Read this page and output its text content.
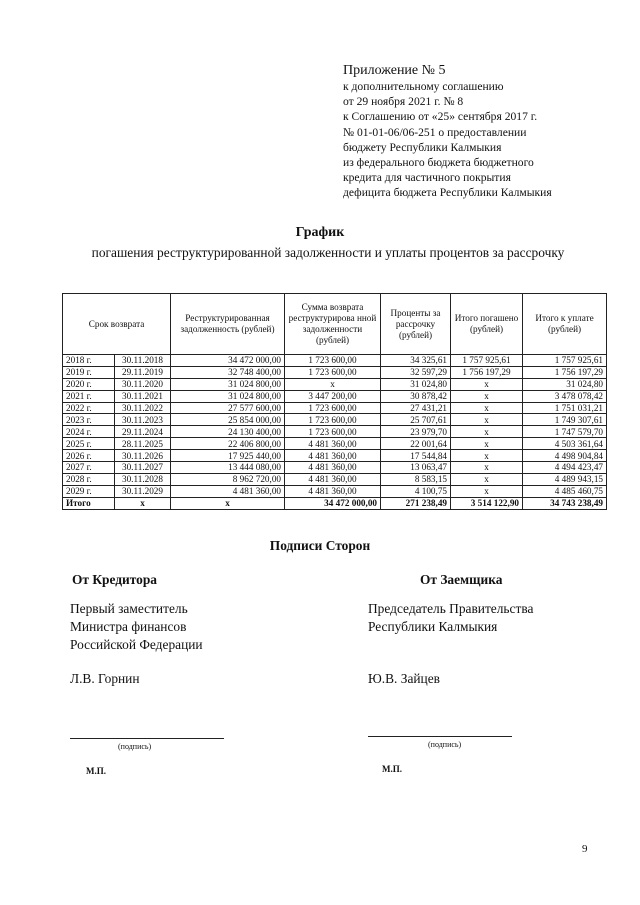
Приложение № 5
к дополнительному соглашению
от 29 ноября 2021 г. № 8
к Соглашению от «25» сентября 2017 г.
№ 01-01-06/06-251 о предоставлении
бюджету Республики Калмыкия
из федерального бюджета бюджетного
кредита для частичного покрытия
дефицита бюджета Республики Калмыкия
График
погашения реструктурированной задолженности и уплаты процентов за рассрочку
Срок возврата		Реструктурированная задолженность (рублей)	Сумма возврата реструктурирова нной задолженности (рублей)	Проценты за рассрочку (рублей)	Итого погашено (рублей)	Итого к уплате (рублей)
2018 г.	30.11.2018	34 472 000,00	1 723 600,00	34 325,61	1 757 925,61	1 757 925,61
2019 г.	29.11.2019	32 748 400,00	1 723 600,00	32 597,29	1 756 197,29	1 756 197,29
2020 г.	30.11.2020	31 024 800,00	x	31 024,80	x	31 024,80
2021 г.	30.11.2021	31 024 800,00	3 447 200,00	30 878,42	x	3 478 078,42
2022 г.	30.11.2022	27 577 600,00	1 723 600,00	27 431,21	x	1 751 031,21
2023 г.	30.11.2023	25 854 000,00	1 723 600,00	25 707,61	x	1 749 307,61
2024 г.	29.11.2024	24 130 400,00	1 723 600,00	23 979,70	x	1 747 579,70
2025 г.	28.11.2025	22 406 800,00	4 481 360,00	22 001,64	x	4 503 361,64
2026 г.	30.11.2026	17 925 440,00	4 481 360,00	17 544,84	x	4 498 904,84
2027 г.	30.11.2027	13 444 080,00	4 481 360,00	13 063,47	x	4 494 423,47
2028 г.	30.11.2028	8 962 720,00	4 481 360,00	8 583,15	x	4 489 943,15
2029 г.	30.11.2029	4 481 360,00	4 481 360,00	4 100,75	x	4 485 460,75
Итого	x	x	34 472 000,00	271 238,49	3 514 122,90	34 743 238,49
Подписи Сторон
От Кредитора
Первый заместитель
Министра финансов
Российской Федерации
Л.В. Горнин
(подпись)
М.П.
От Заемщика
Председатель Правительства
Республики Калмыкия
Ю.В. Зайцев
(подпись)
М.П.
9
